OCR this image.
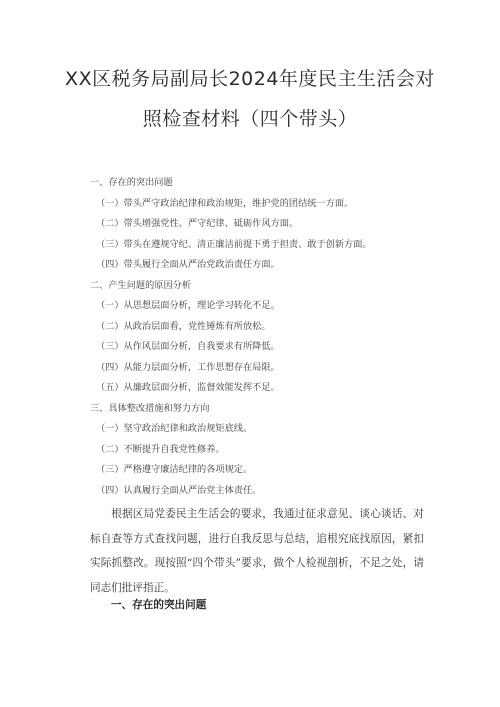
XX区税务局副局长2024年度民主生活会对
照检查材料（四个带头）
一、存在的突出问题
（一）带头严守政治纪律和政治规矩，维护党的团结统一方面。
（二）带头增强党性、严守纪律、砥砺作风方面。
（三）带头在遵规守纪、清正廉洁前提下勇于担责、敢于创新方面。
（四）带头履行全面从严治党政治责任方面。
二、产生问题的原因分析
（一）从思想层面分析，理论学习转化不足。
（二）从政治层面看，党性锤炼有所放松。
（三）从作风层面分析，自我要求有所降低。
（四）从能力层面分析，工作思想存在局限。
（五）从廉政层面分析，监督效能发挥不足。
三、具体整改措施和努力方向
（一）坚守政治纪律和政治规矩底线。
（二）不断提升自我党性修养。
（三）严格遵守廉洁纪律的各项规定。
（四）认真履行全面从严治党主体责任。

根据区局党委民主生活会的要求，我通过征求意见、谈心谈话、对标自查等方式查找问题，进行自我反思与总结，追根究底找原因，紧扣实际抓整改。现按照“四个带头”要求，做个人检视剖析，不足之处，请同志们批评指正。

一、存在的突出问题
